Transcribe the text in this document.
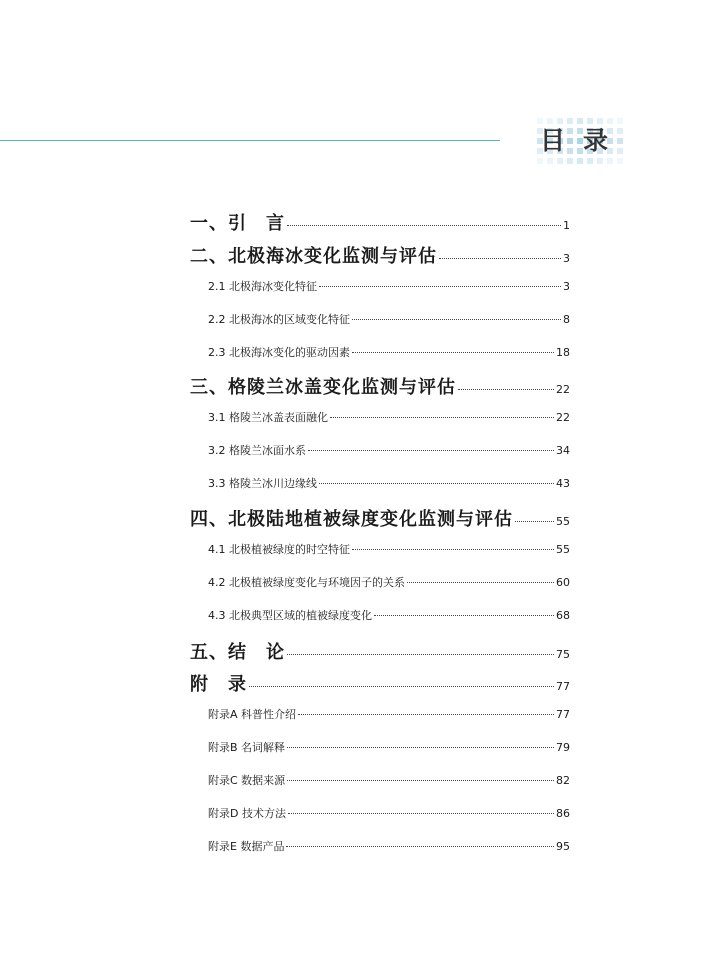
目 录
一、引　言	1
二、北极海冰变化监测与评估	3
2.1 北极海冰变化特征	3
2.2 北极海冰的区域变化特征	8
2.3 北极海冰变化的驱动因素	18
三、格陵兰冰盖变化监测与评估	22
3.1 格陵兰冰盖表面融化	22
3.2 格陵兰冰面水系	34
3.3 格陵兰冰川边缘线	43
四、北极陆地植被绿度变化监测与评估	55
4.1 北极植被绿度的时空特征	55
4.2 北极植被绿度变化与环境因子的关系	60
4.3 北极典型区域的植被绿度变化	68
五、结　论	75
附　录	77
附录A 科普性介绍	77
附录B 名词解释	79
附录C 数据来源	82
附录D 技术方法	86
附录E 数据产品	95
